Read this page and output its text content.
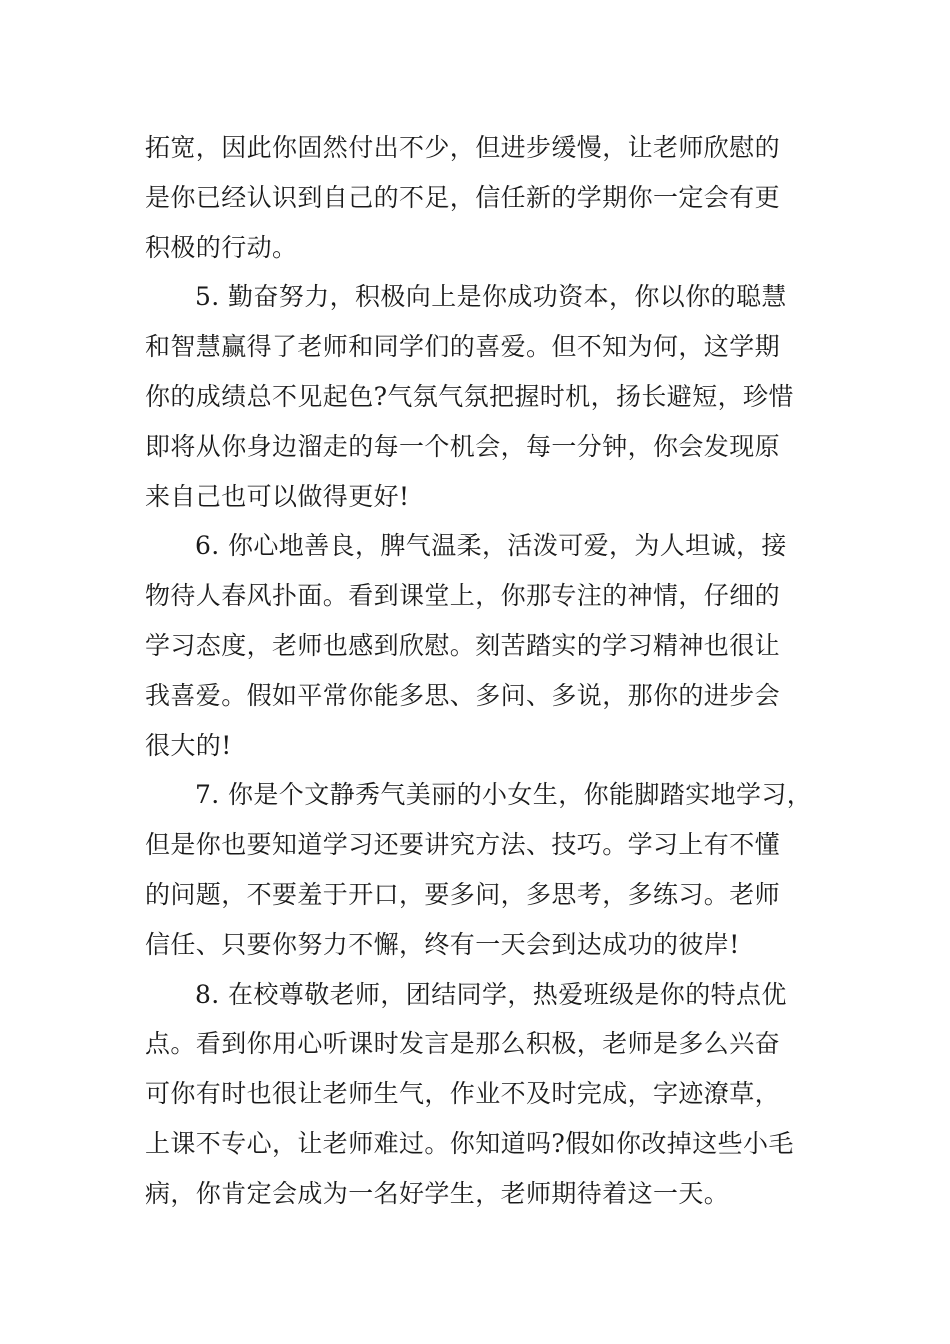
拓宽，因此你固然付出不少，但进步缓慢，让老师欣慰的
是你已经认识到自己的不足，信任新的学期你一定会有更
积极的行动。
5. 勤奋努力，积极向上是你成功资本，你以你的聪慧
和智慧赢得了老师和同学们的喜爱。但不知为何，这学期
你的成绩总不见起色?气氛气氛把握时机，扬长避短，珍惜
即将从你身边溜走的每一个机会，每一分钟，你会发现原
来自己也可以做得更好!
6. 你心地善良，脾气温柔，活泼可爱，为人坦诚，接
物待人春风扑面。看到课堂上，你那专注的神情，仔细的
学习态度，老师也感到欣慰。刻苦踏实的学习精神也很让
我喜爱。假如平常你能多思、多问、多说，那你的进步会
很大的!
7. 你是个文静秀气美丽的小女生，你能脚踏实地学习，
但是你也要知道学习还要讲究方法、技巧。学习上有不懂
的问题，不要羞于开口，要多问，多思考，多练习。老师
信任、只要你努力不懈，终有一天会到达成功的彼岸!
8. 在校尊敬老师，团结同学，热爱班级是你的特点优
点。看到你用心听课时发言是那么积极，老师是多么兴奋
可你有时也很让老师生气，作业不及时完成，字迹潦草，
上课不专心，让老师难过。你知道吗?假如你改掉这些小毛
病，你肯定会成为一名好学生，老师期待着这一天。
